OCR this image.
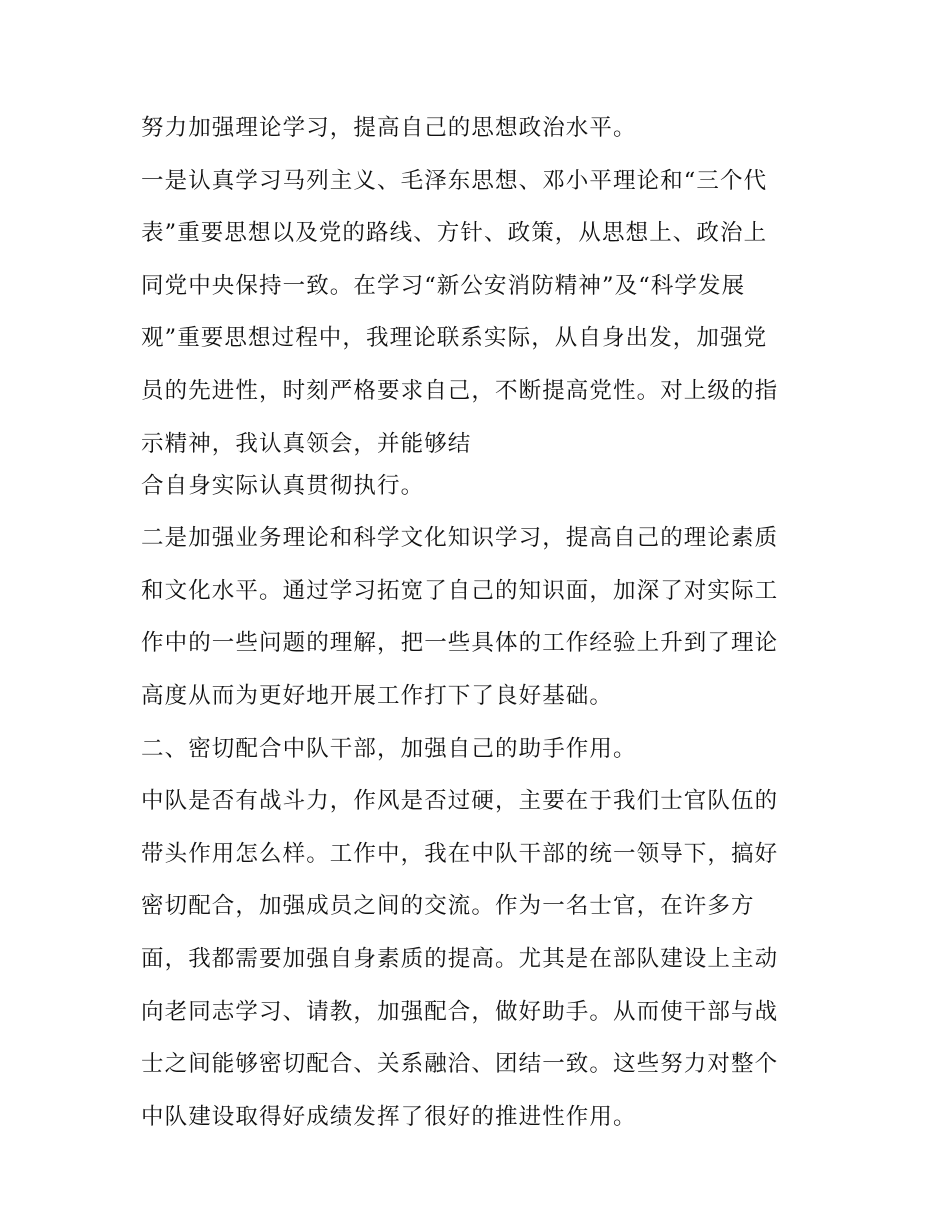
努力加强理论学习，提高自己的思想政治水平。
一是认真学习马列主义、毛泽东思想、邓小平理论和“三个代
表”重要思想以及党的路线、方针、政策，从思想上、政治上
同党中央保持一致。在学习“新公安消防精神”及“科学发展
观”重要思想过程中，我理论联系实际，从自身出发，加强党
员的先进性，时刻严格要求自己，不断提高党性。对上级的指
示精神，我认真领会，并能够结
合自身实际认真贯彻执行。
二是加强业务理论和科学文化知识学习，提高自己的理论素质
和文化水平。通过学习拓宽了自己的知识面，加深了对实际工
作中的一些问题的理解，把一些具体的工作经验上升到了理论
高度从而为更好地开展工作打下了良好基础。
二、密切配合中队干部，加强自己的助手作用。
中队是否有战斗力，作风是否过硬，主要在于我们士官队伍的
带头作用怎么样。工作中，我在中队干部的统一领导下，搞好
密切配合，加强成员之间的交流。作为一名士官，在许多方
面，我都需要加强自身素质的提高。尤其是在部队建设上主动
向老同志学习、请教，加强配合，做好助手。从而使干部与战
士之间能够密切配合、关系融洽、团结一致。这些努力对整个
中队建设取得好成绩发挥了很好的推进性作用。
